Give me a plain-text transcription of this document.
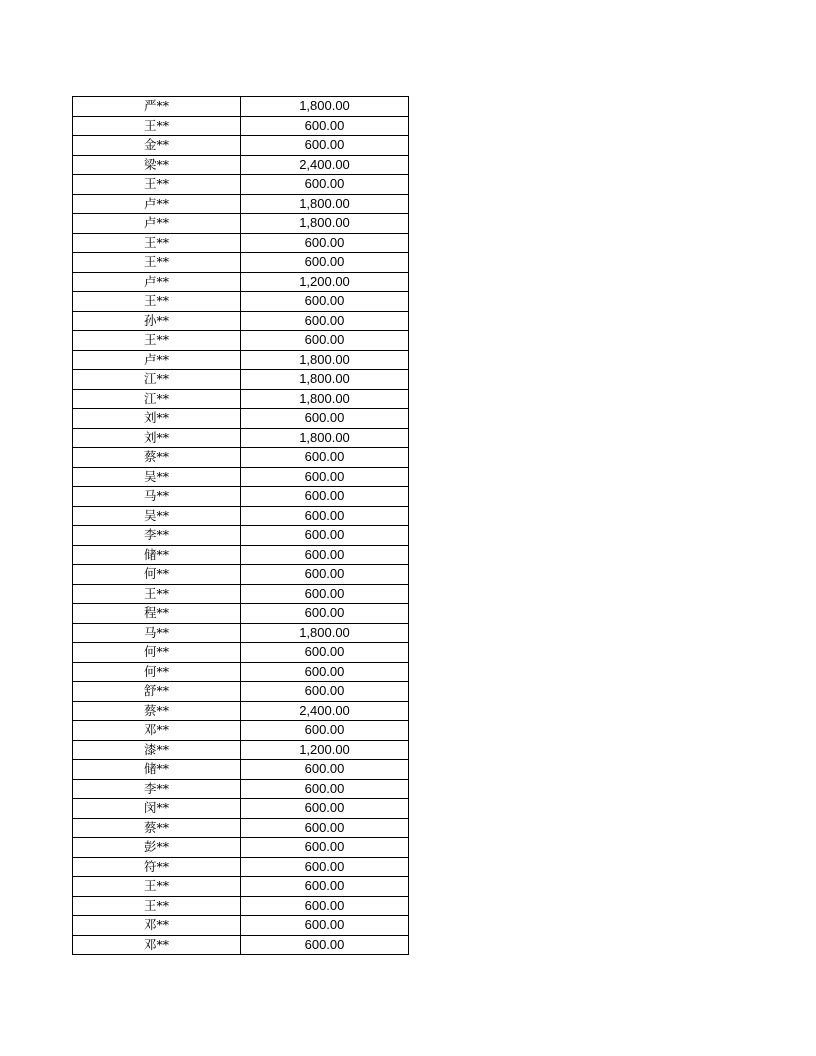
严**	1,800.00
王**	600.00
金**	600.00
梁**	2,400.00
王**	600.00
卢**	1,800.00
卢**	1,800.00
王**	600.00
王**	600.00
卢**	1,200.00
王**	600.00
孙**	600.00
王**	600.00
卢**	1,800.00
江**	1,800.00
江**	1,800.00
刘**	600.00
刘**	1,800.00
蔡**	600.00
吴**	600.00
马**	600.00
吴**	600.00
李**	600.00
储**	600.00
何**	600.00
王**	600.00
程**	600.00
马**	1,800.00
何**	600.00
何**	600.00
舒**	600.00
蔡**	2,400.00
邓**	600.00
漆**	1,200.00
储**	600.00
李**	600.00
闵**	600.00
蔡**	600.00
彭**	600.00
符**	600.00
王**	600.00
王**	600.00
邓**	600.00
邓**	600.00
